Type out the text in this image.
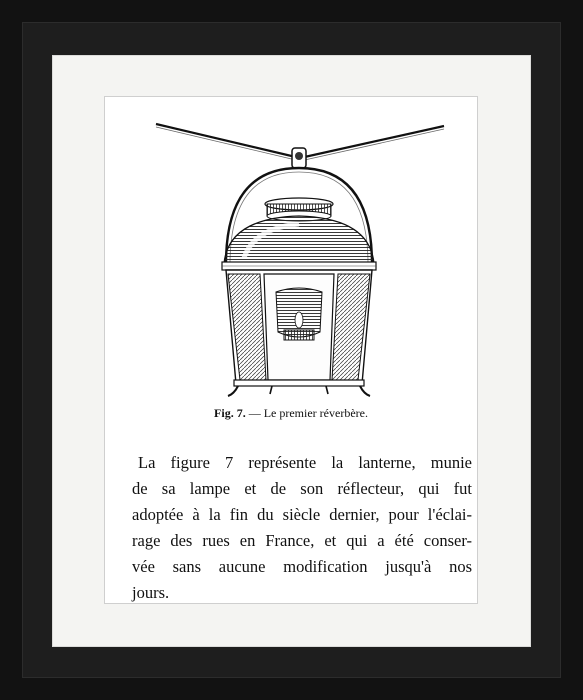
Fig. 7. — Le premier réverbère.
La figure 7 représente la lanterne, munie
de sa lampe et de son réflecteur, qui fut
adoptée à la fin du siècle dernier, pour l'éclai-
rage des rues en France, et qui a été conser-
vée sans aucune modification jusqu'à nos
jours.
